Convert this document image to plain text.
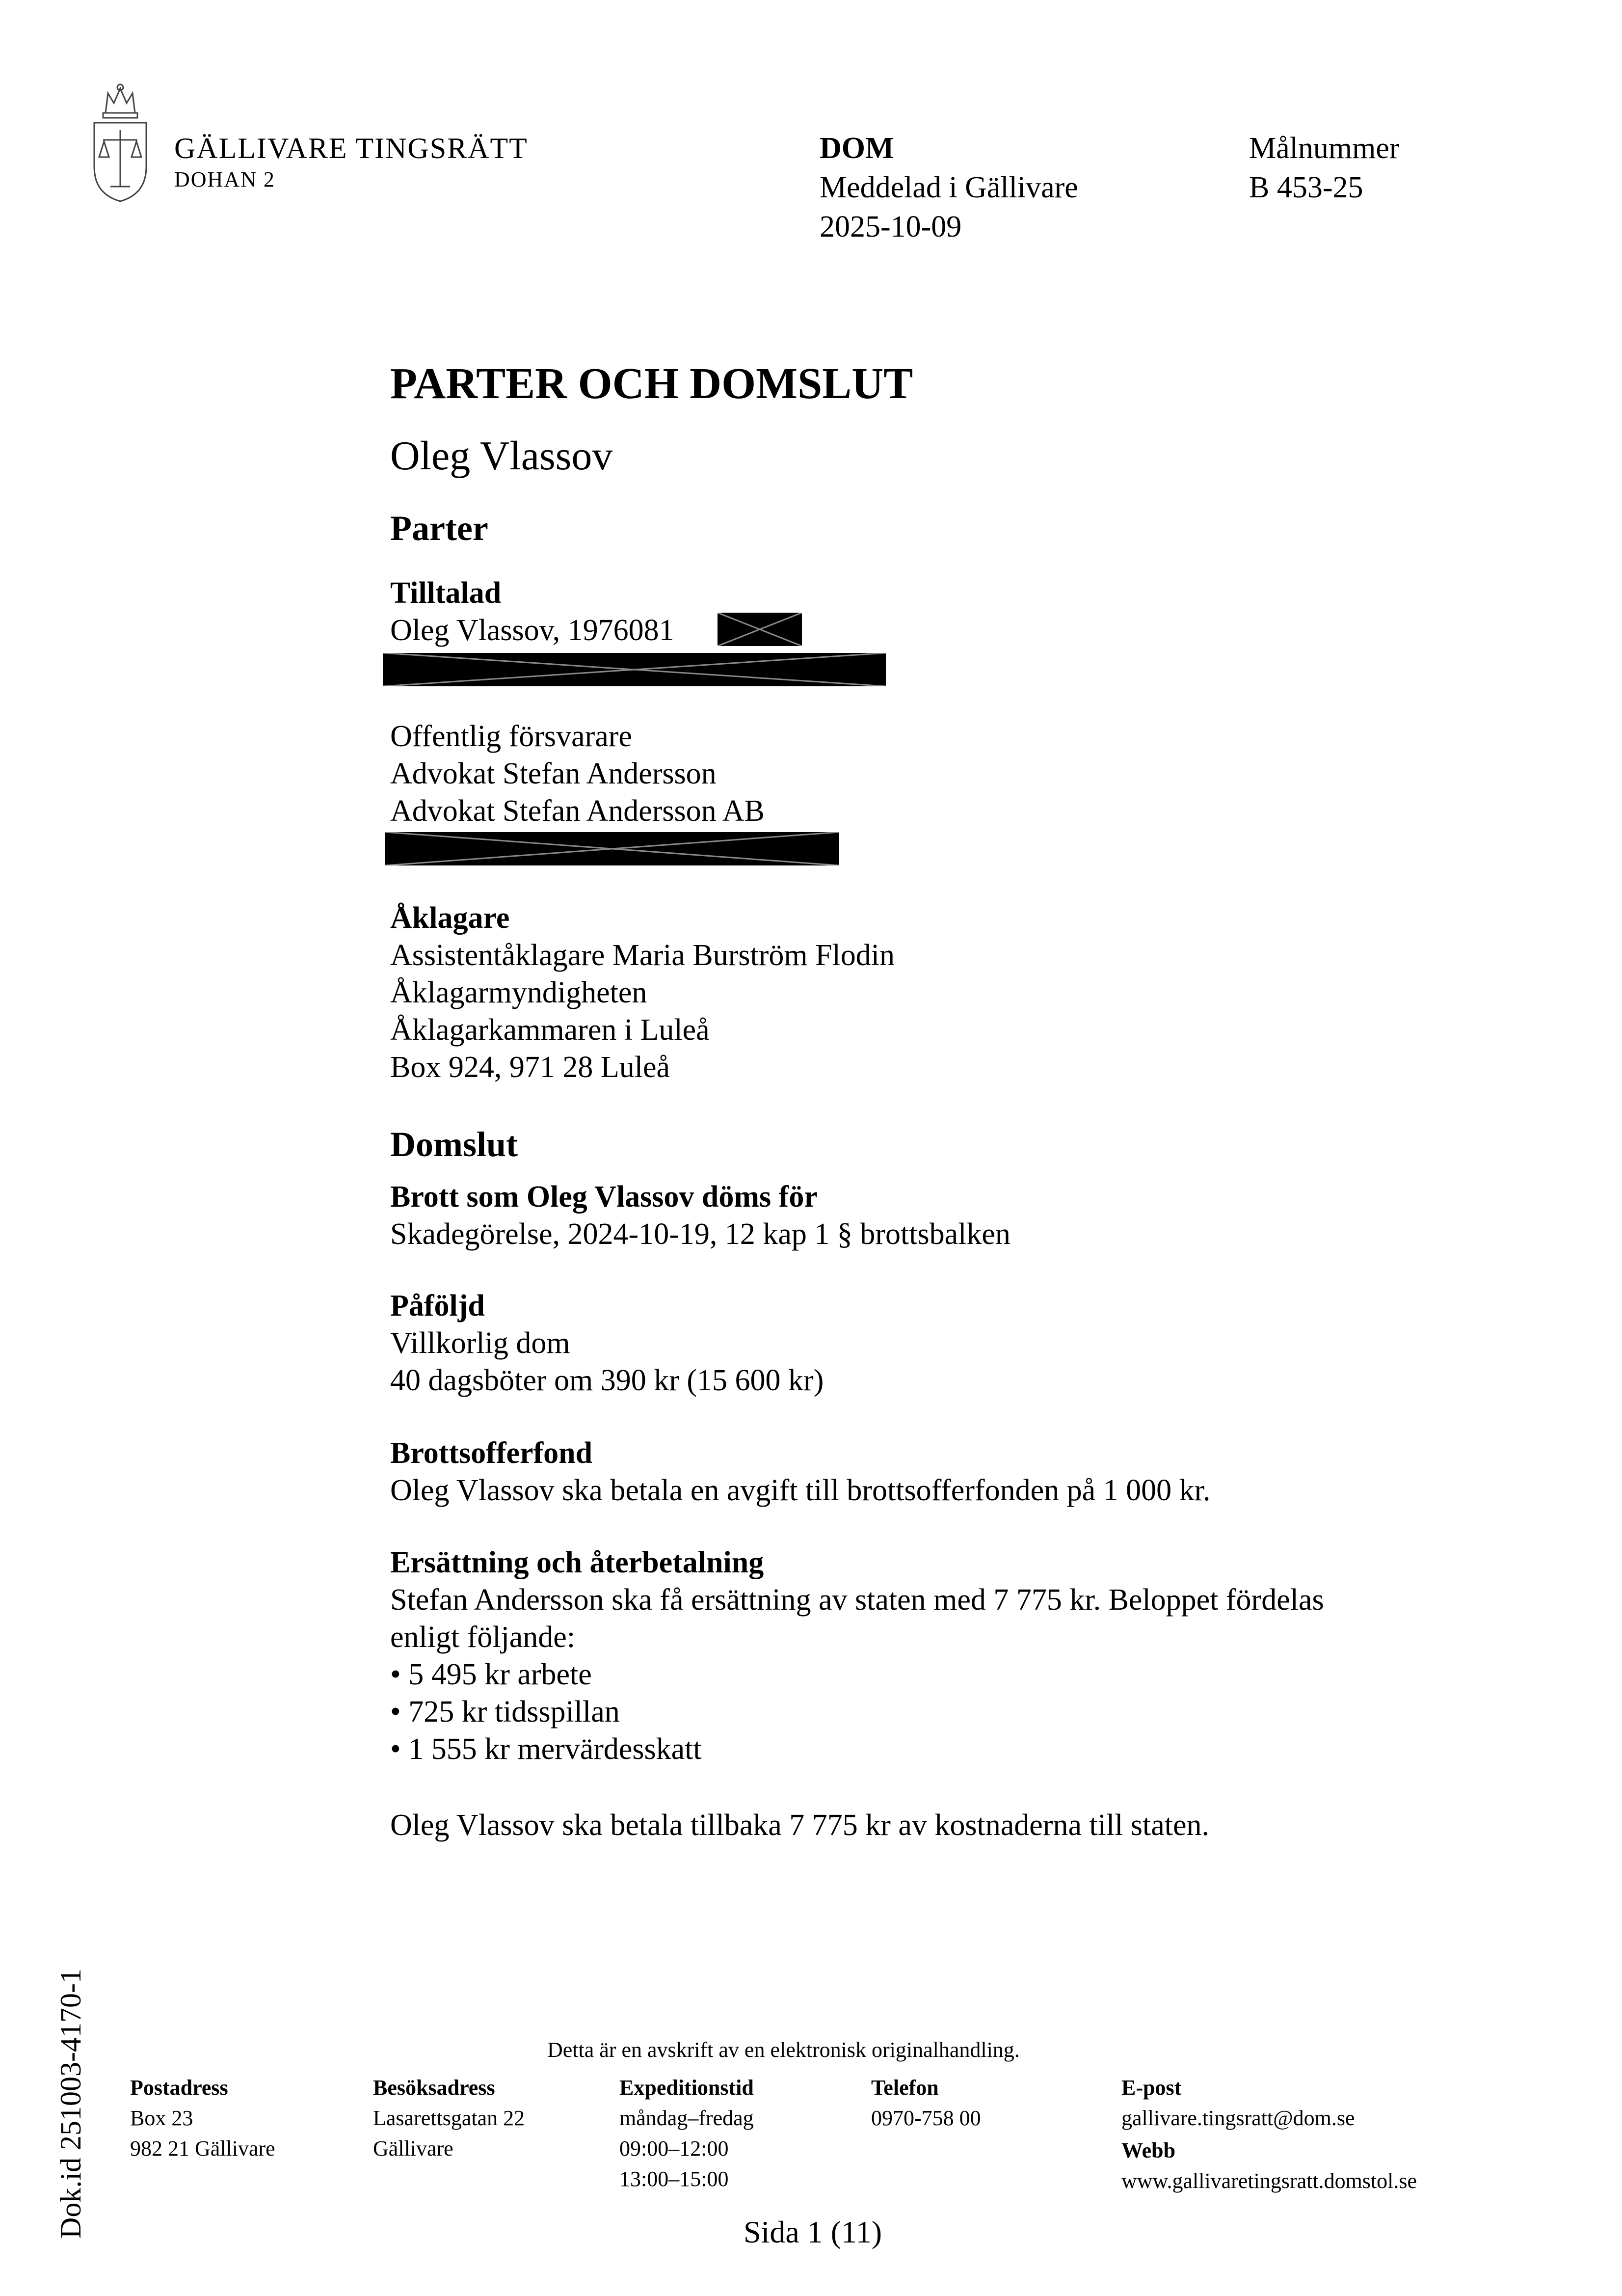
GÄLLIVARE TINGSRÄTT
DOHAN 2
DOM
Meddelad i Gällivare
2025-10-09
Målnummer
B 453-25
PARTER OCH DOMSLUT
Oleg Vlassov
Parter
Tilltalad
Oleg Vlassov, 1976081
Offentlig försvarare
Advokat Stefan Andersson
Advokat Stefan Andersson AB
Åklagare
Assistentåklagare Maria Burström Flodin
Åklagarmyndigheten
Åklagarkammaren i Luleå
Box 924, 971 28 Luleå
Domslut
Brott som Oleg Vlassov döms för
Skadegörelse, 2024-10-19, 12 kap 1 § brottsbalken
Påföljd
Villkorlig dom
40 dagsböter om 390 kr (15 600 kr)
Brottsofferfond
Oleg Vlassov ska betala en avgift till brottsofferfonden på 1 000 kr.
Ersättning och återbetalning
Stefan Andersson ska få ersättning av staten med 7 775 kr. Beloppet fördelas
enligt följande:
• 5 495 kr arbete
• 725 kr tidsspillan
• 1 555 kr mervärdesskatt
Oleg Vlassov ska betala tillbaka 7 775 kr av kostnaderna till staten.
Detta är en avskrift av en elektronisk originalhandling.
Postadress
Box 23
982 21 Gällivare
Besöksadress
Lasarettsgatan 22
Gällivare
Expeditionstid
måndag–fredag
09:00–12:00
13:00–15:00
Telefon
0970-758 00
E-post
gallivare.tingsratt@dom.se
Webb
www.gallivaretingsratt.domstol.se
Sida 1 (11)
Dok.id 251003-4170-1
